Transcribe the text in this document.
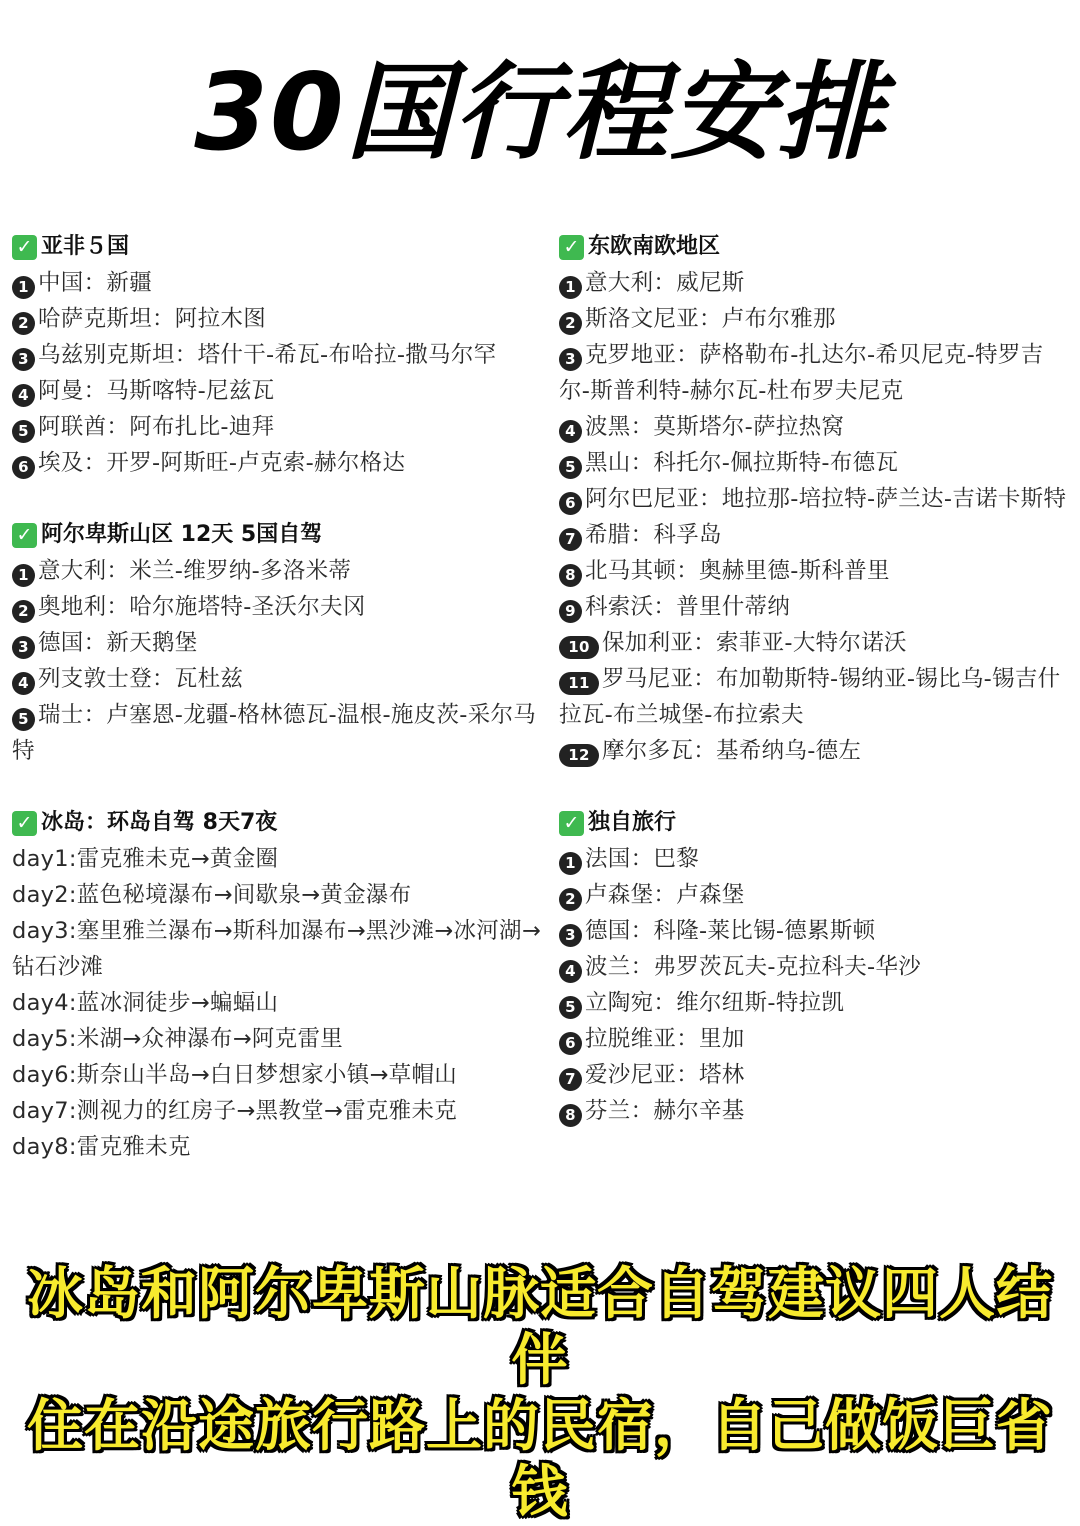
30国行程安排
✓ 亚非５国
1 中国：新疆
2 哈萨克斯坦：阿拉木图
3 乌兹别克斯坦：塔什干-希瓦-布哈拉-撒马尔罕
4 阿曼：马斯喀特-尼兹瓦
5 阿联酋：阿布扎比-迪拜
6 埃及：开罗-阿斯旺-卢克索-赫尔格达
✓ 阿尔卑斯山区 12天 5国自驾
1 意大利：米兰-维罗纳-多洛米蒂
2 奥地利：哈尔施塔特-圣沃尔夫冈
3 德国：新天鹅堡
4 列支敦士登：瓦杜兹
5 瑞士：卢塞恩-龙疆-格林德瓦-温根-施皮茨-采尔马特
✓ 冰岛：环岛自驾 8天7夜
day1:雷克雅未克→黄金圈
day2:蓝色秘境瀑布→间歇泉→黄金瀑布
day3:塞里雅兰瀑布→斯科加瀑布→黑沙滩→冰河湖→钻石沙滩
day4:蓝冰洞徒步→蝙蝠山
day5:米湖→众神瀑布→阿克雷里
day6:斯奈山半岛→白日梦想家小镇→草帽山
day7:测视力的红房子→黑教堂→雷克雅未克
day8:雷克雅未克
✓ 东欧南欧地区
1 意大利：威尼斯
2 斯洛文尼亚：卢布尔雅那
3 克罗地亚：萨格勒布-扎达尔-希贝尼克-特罗吉尔-斯普利特-赫尔瓦-杜布罗夫尼克
4 波黑：莫斯塔尔-萨拉热窝
5 黑山：科托尔-佩拉斯特-布德瓦
6 阿尔巴尼亚：地拉那-培拉特-萨兰达-吉诺卡斯特
7 希腊：科孚岛
8 北马其顿：奥赫里德-斯科普里
9 科索沃：普里什蒂纳
10 保加利亚：索菲亚-大特尔诺沃
11 罗马尼亚：布加勒斯特-锡纳亚-锡比乌-锡吉什拉瓦-布兰城堡-布拉索夫
12 摩尔多瓦：基希纳乌-德左
✓ 独自旅行
1 法国：巴黎
2 卢森堡：卢森堡
3 德国：科隆-莱比锡-德累斯顿
4 波兰：弗罗茨瓦夫-克拉科夫-华沙
5 立陶宛：维尔纽斯-特拉凯
6 拉脱维亚：里加
7 爱沙尼亚：塔林
8 芬兰：赫尔辛基
冰岛和阿尔卑斯山脉适合自驾建议四人结伴
住在沿途旅行路上的民宿，自己做饭巨省钱
